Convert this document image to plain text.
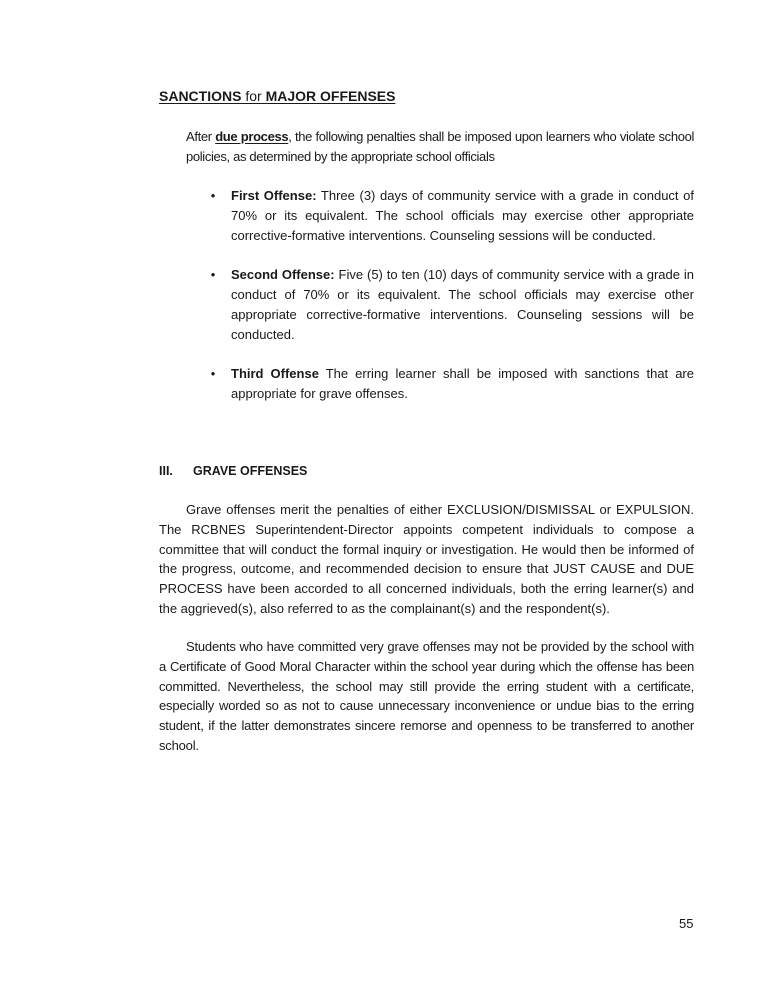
SANCTIONS for MAJOR OFFENSES

After due process, the following penalties shall be imposed upon learners who violate school policies, as determined by the appropriate school officials

• First Offense: Three (3) days of community service with a grade in conduct of 70% or its equivalent. The school officials may exercise other appropriate corrective-formative interventions. Counseling sessions will be conducted.
• Second Offense: Five (5) to ten (10) days of community service with a grade in conduct of 70% or its equivalent. The school officials may exercise other appropriate corrective-formative interventions. Counseling sessions will be conducted.
• Third Offense The erring learner shall be imposed with sanctions that are appropriate for grave offenses.
III. GRAVE OFFENSES

Grave offenses merit the penalties of either EXCLUSION/DISMISSAL or EXPULSION. The RCBNES Superintendent-Director appoints competent individuals to compose a committee that will conduct the formal inquiry or investigation. He would then be informed of the progress, outcome, and recommended decision to ensure that JUST CAUSE and DUE PROCESS have been accorded to all concerned individuals, both the erring learner(s) and the aggrieved(s), also referred to as the complainant(s) and the respondent(s).

Students who have committed very grave offenses may not be provided by the school with a Certificate of Good Moral Character within the school year during which the offense has been committed. Nevertheless, the school may still provide the erring student with a certificate, especially worded so as not to cause unnecessary inconvenience or undue bias to the erring student, if the latter demonstrates sincere remorse and openness to be transferred to another school.

55
